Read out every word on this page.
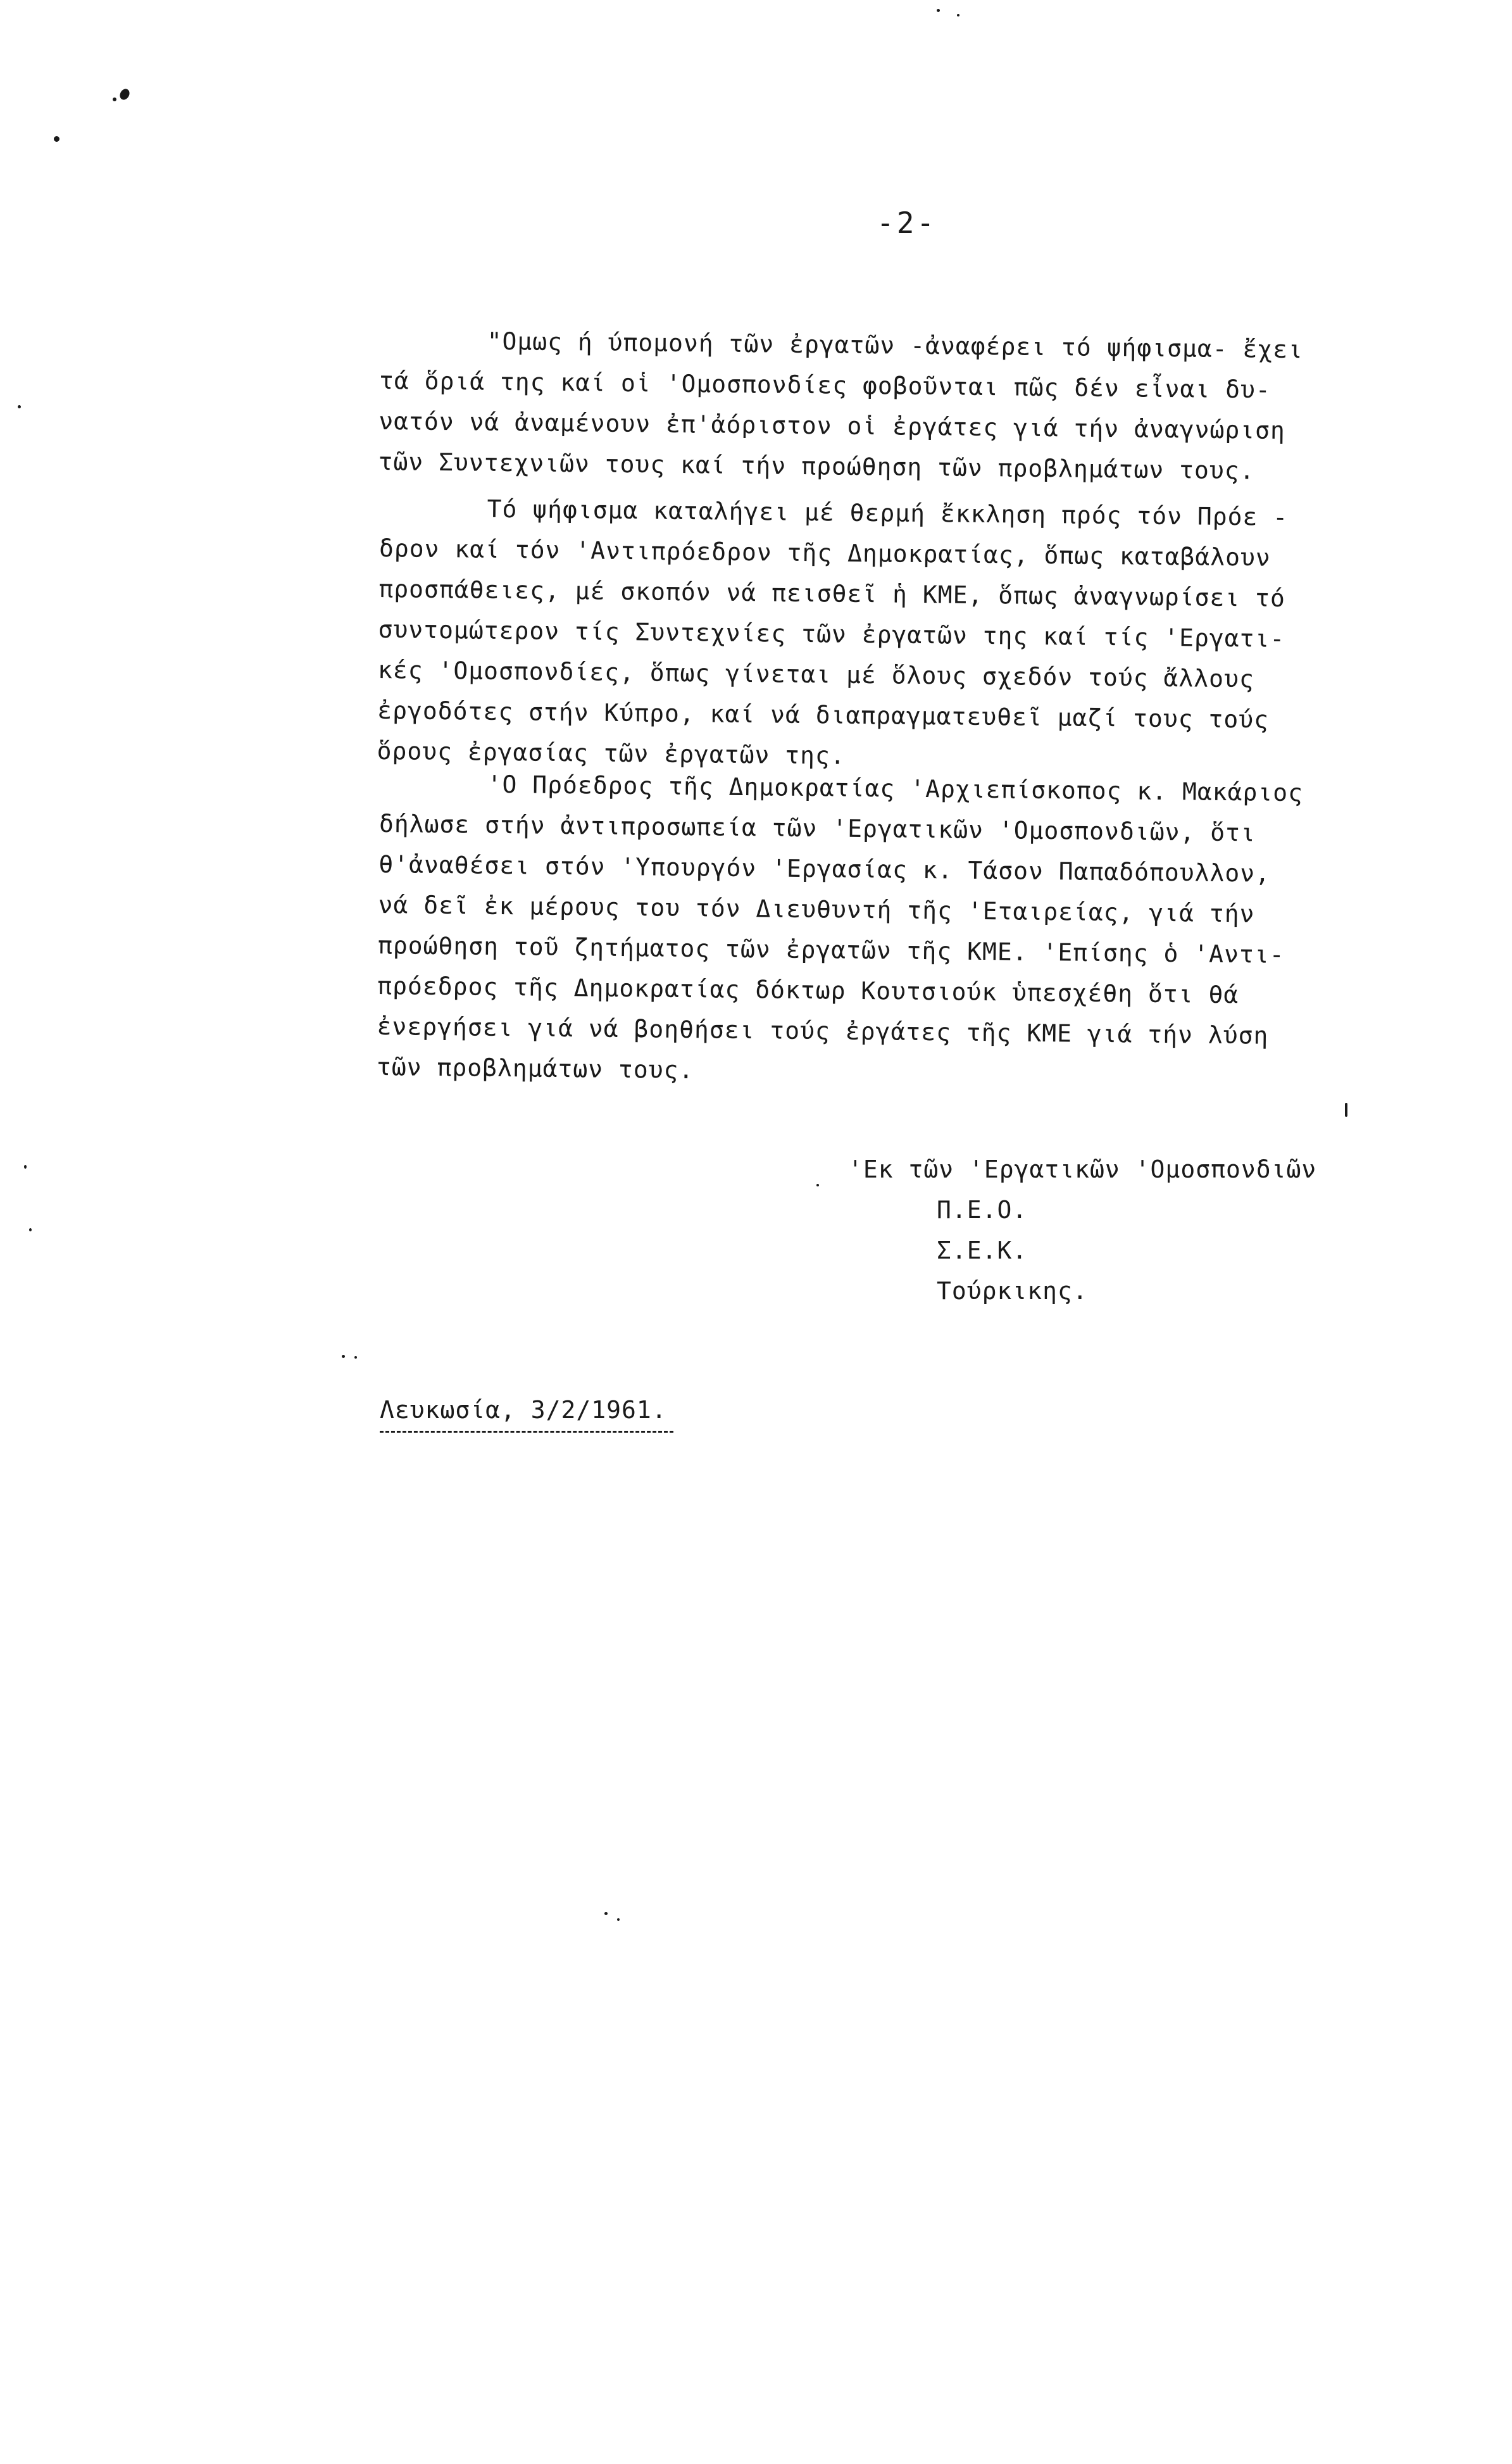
-2-
"Ομως ή ύπομονή τῶν ἐργατῶν -ἀναφέρει τό ψήφισμα- ἔχει
τά ὅριά της καί οἱ 'Ομοσπονδίες φοβοῦνται πῶς δέν εἶναι δυ-
νατόν νά ἀναμένουν ἐπ'ἀόριστον οἱ ἐργάτες γιά τήν ἀναγνώριση
τῶν Συντεχνιῶν τους καί τήν προώθηση τῶν προβλημάτων τους.
Τό ψήφισμα καταλήγει μέ θερμή ἔκκληση πρός τόν Πρόε -
δρον καί τόν 'Αντιπρόεδρον τῆς Δημοκρατίας, ὅπως καταβάλουν
προσπάθειες, μέ σκοπόν νά πεισθεῖ ἡ ΚΜΕ, ὅπως ἀναγνωρίσει τό
συντομώτερον τίς Συντεχνίες τῶν ἐργατῶν της καί τίς 'Εργατι-
κές 'Ομοσπονδίες, ὅπως γίνεται μέ ὅλους σχεδόν τούς ἄλλους
ἐργοδότες στήν Κύπρο, καί νά διαπραγματευθεῖ μαζί τους τούς
ὅρους ἐργασίας τῶν ἐργατῶν της.
'Ο Πρόεδρος τῆς Δημοκρατίας 'Αρχιεπίσκοπος κ. Μακάριος
δήλωσε στήν ἀντιπροσωπεία τῶν 'Εργατικῶν 'Ομοσπονδιῶν, ὅτι
θ'ἀναθέσει στόν 'Υπουργόν 'Εργασίας κ. Τάσον Παπαδόπουλλον,
νά δεῖ ἐκ μέρους του τόν Διευθυντή τῆς 'Εταιρείας, γιά τήν
προώθηση τοῦ ζητήματος τῶν ἐργατῶν τῆς ΚΜΕ. 'Επίσης ὁ 'Αντι-
πρόεδρος τῆς Δημοκρατίας δόκτωρ Κουτσιούκ ὑπεσχέθη ὅτι θά
ἐνεργήσει γιά νά βοηθήσει τούς ἐργάτες τῆς ΚΜΕ γιά τήν λύση
τῶν προβλημάτων τους.
'Εκ τῶν 'Εργατικῶν 'Ομοσπονδιῶν
Π.Ε.Ο.
Σ.Ε.Κ.
Τούρκικης.
Λευκωσία, 3/2/1961.
